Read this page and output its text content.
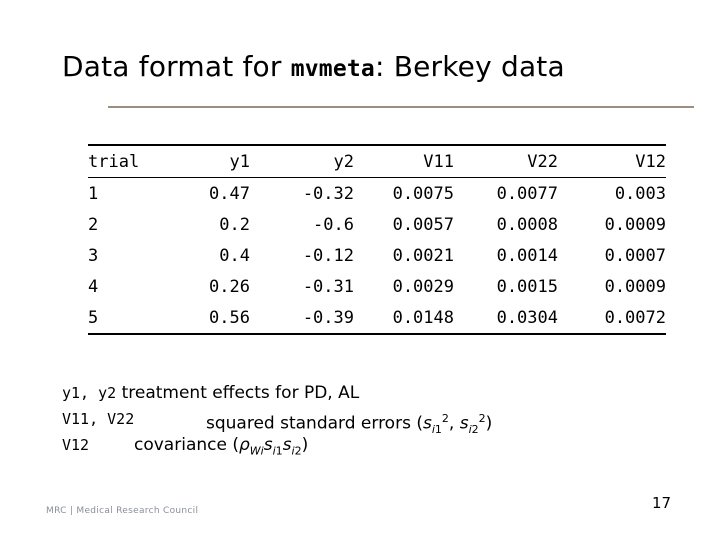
Data format for mvmeta: Berkey data
trial	y1	y2	V11	V22	V12
1	0.47	-0.32	0.0075	0.0077	0.003
2	0.2	-0.6	0.0057	0.0008	0.0009
3	0.4	-0.12	0.0021	0.0014	0.0007
4	0.26	-0.31	0.0029	0.0015	0.0009
5	0.56	-0.39	0.0148	0.0304	0.0072
y1, y2 treatment effects for PD, AL
V11, V22	squared standard errors ($s_{i1}^2$, $s_{i2}^2$)
V12	covariance $(\rho_{Wi}s_{i1}s_{i2})$
MRC | Medical Research Council	17
